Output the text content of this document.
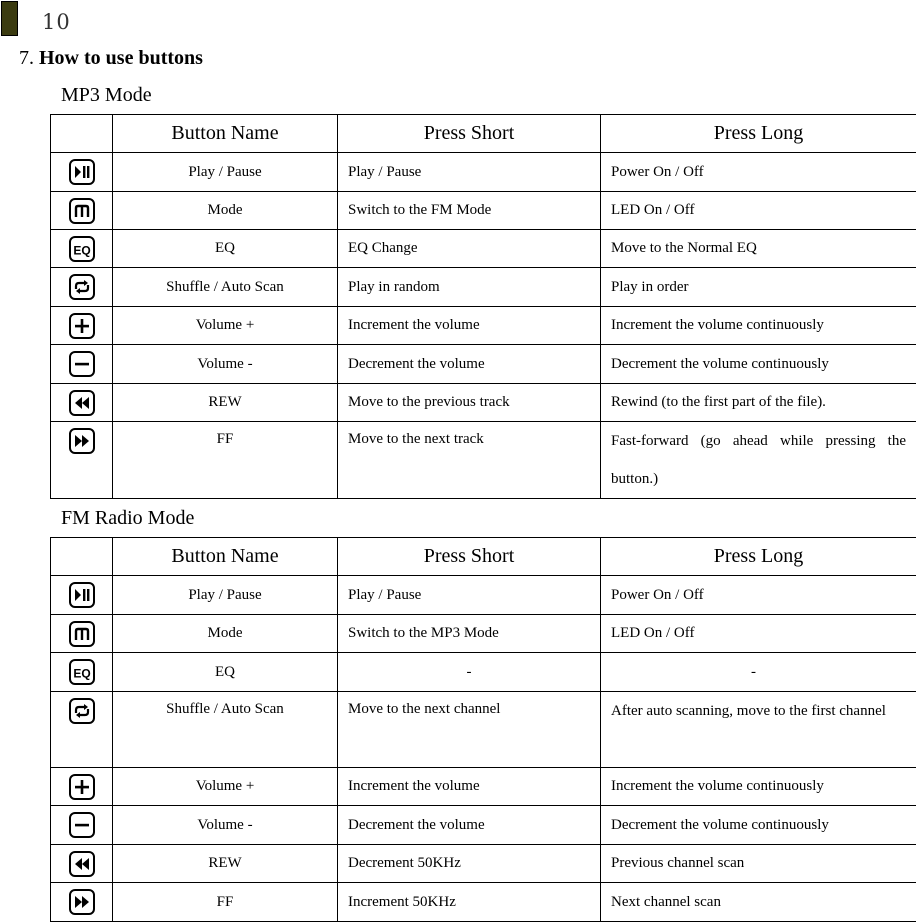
10
7. How to use buttons
MP3 Mode
	Button Name	Press Short	Press Long

	Play / Pause	Play / Pause	Power On / Off

	Mode	Switch to the FM Mode	LED On / Off

EQ	EQ	EQ Change	Move to the Normal EQ

	Shuffle / Auto Scan	Play in random	Play in order

	Volume +	Increment the volume	Increment the volume continuously

	Volume -	Decrement the volume	Decrement the volume continuously

	REW	Move to the previous track	Rewind (to the first part of the file).

	FF	Move to the next track	Fast-forward (go ahead while pressing the button.)
FM Radio Mode
	Button Name	Press Short	Press Long

	Play / Pause	Play / Pause	Power On / Off

	Mode	Switch to the MP3 Mode	LED On / Off

EQ	EQ	-	-

	Shuffle / Auto Scan	Move to the next channel	After auto scanning, move to the first channel

	Volume +	Increment the volume	Increment the volume continuously

	Volume -	Decrement the volume	Decrement the volume continuously

	REW	Decrement 50KHz	Previous channel scan

	FF	Increment 50KHz	Next channel scan
